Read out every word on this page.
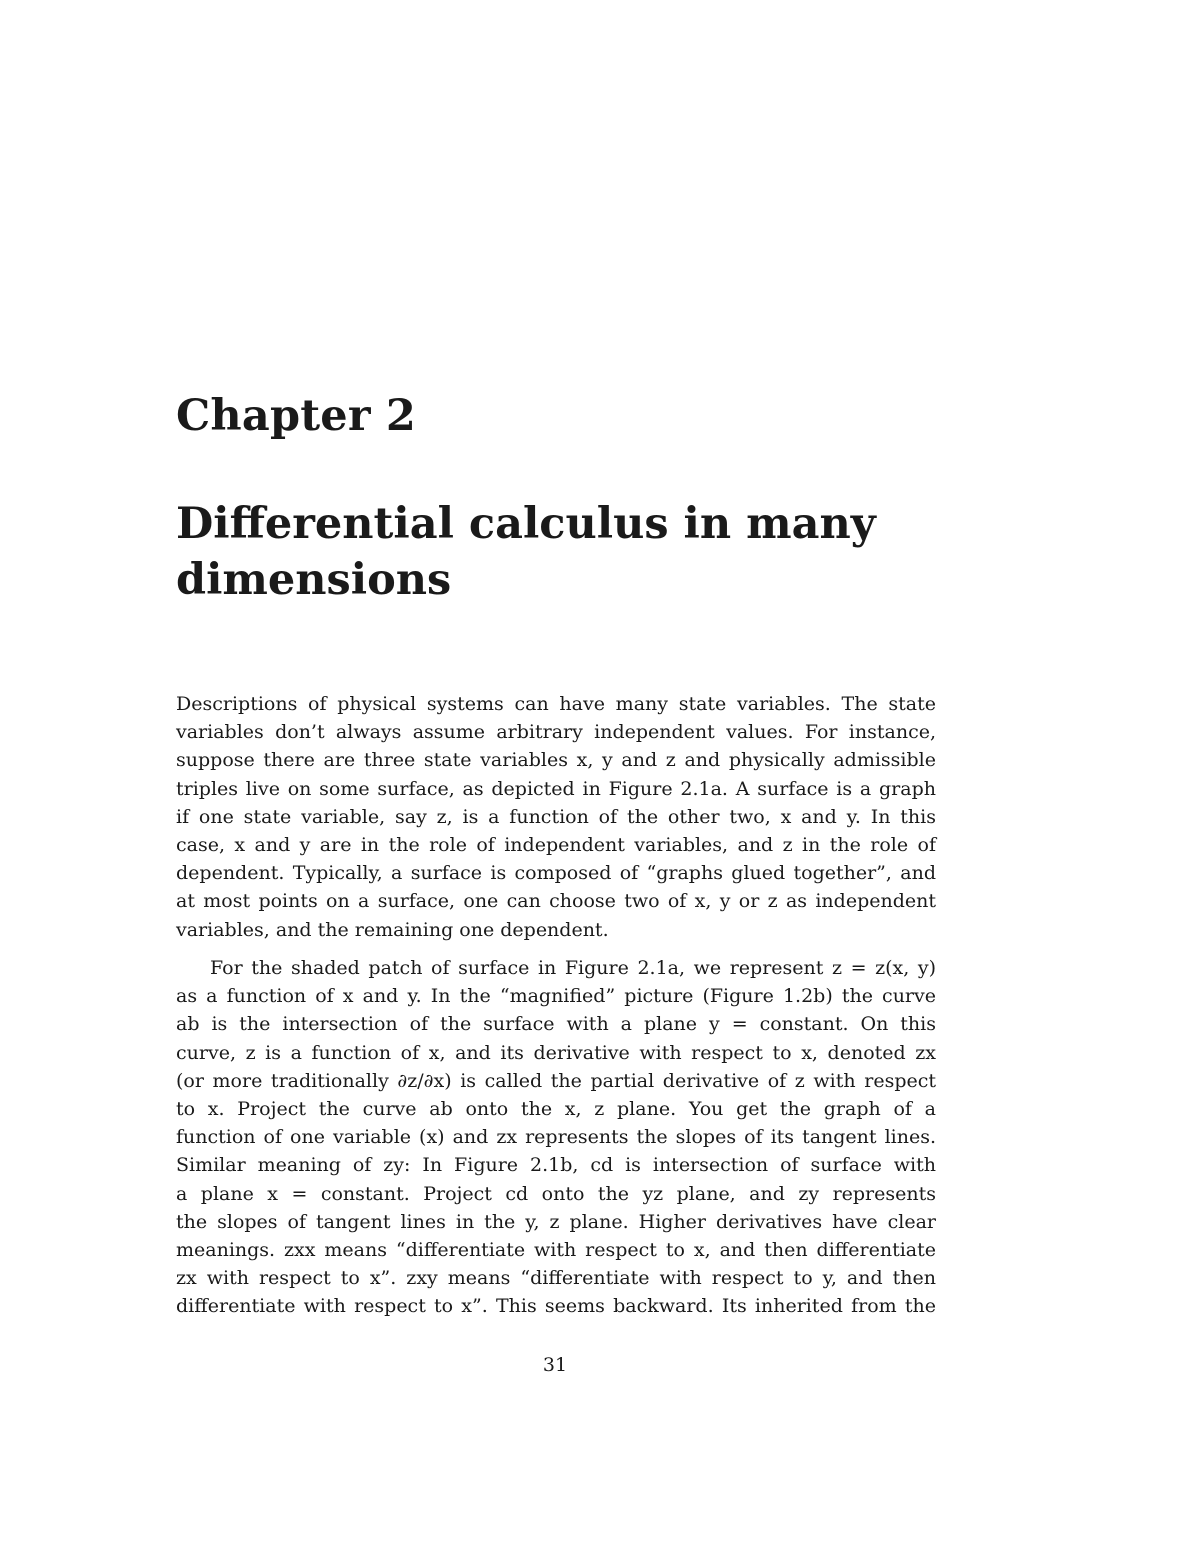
Chapter 2
Differential calculus in many
dimensions
Descriptions of physical systems can have many state variables. The state
variables don’t always assume arbitrary independent values. For instance,
suppose there are three state variables x, y and z and physically admissible
triples live on some surface, as depicted in Figure 2.1a. A surface is a graph
if one state variable, say z, is a function of the other two, x and y. In this
case, x and y are in the role of independent variables, and z in the role of
dependent. Typically, a surface is composed of “graphs glued together”, and
at most points on a surface, one can choose two of x, y or z as independent
variables, and the remaining one dependent.
For the shaded patch of surface in Figure 2.1a, we represent z = z(x, y)
as a function of x and y. In the “magnified” picture (Figure 1.2b) the curve
ab is the intersection of the surface with a plane y = constant. On this
curve, z is a function of x, and its derivative with respect to x, denoted zx
(or more traditionally ∂z/∂x) is called the partial derivative of z with respect
to x. Project the curve ab onto the x, z plane. You get the graph of a
function of one variable (x) and zx represents the slopes of its tangent lines.
Similar meaning of zy: In Figure 2.1b, cd is intersection of surface with
a plane x = constant. Project cd onto the yz plane, and zy represents
the slopes of tangent lines in the y, z plane. Higher derivatives have clear
meanings. zxx means “differentiate with respect to x, and then differentiate
zx with respect to x”. zxy means “differentiate with respect to y, and then
differentiate with respect to x”. This seems backward. Its inherited from the
31
